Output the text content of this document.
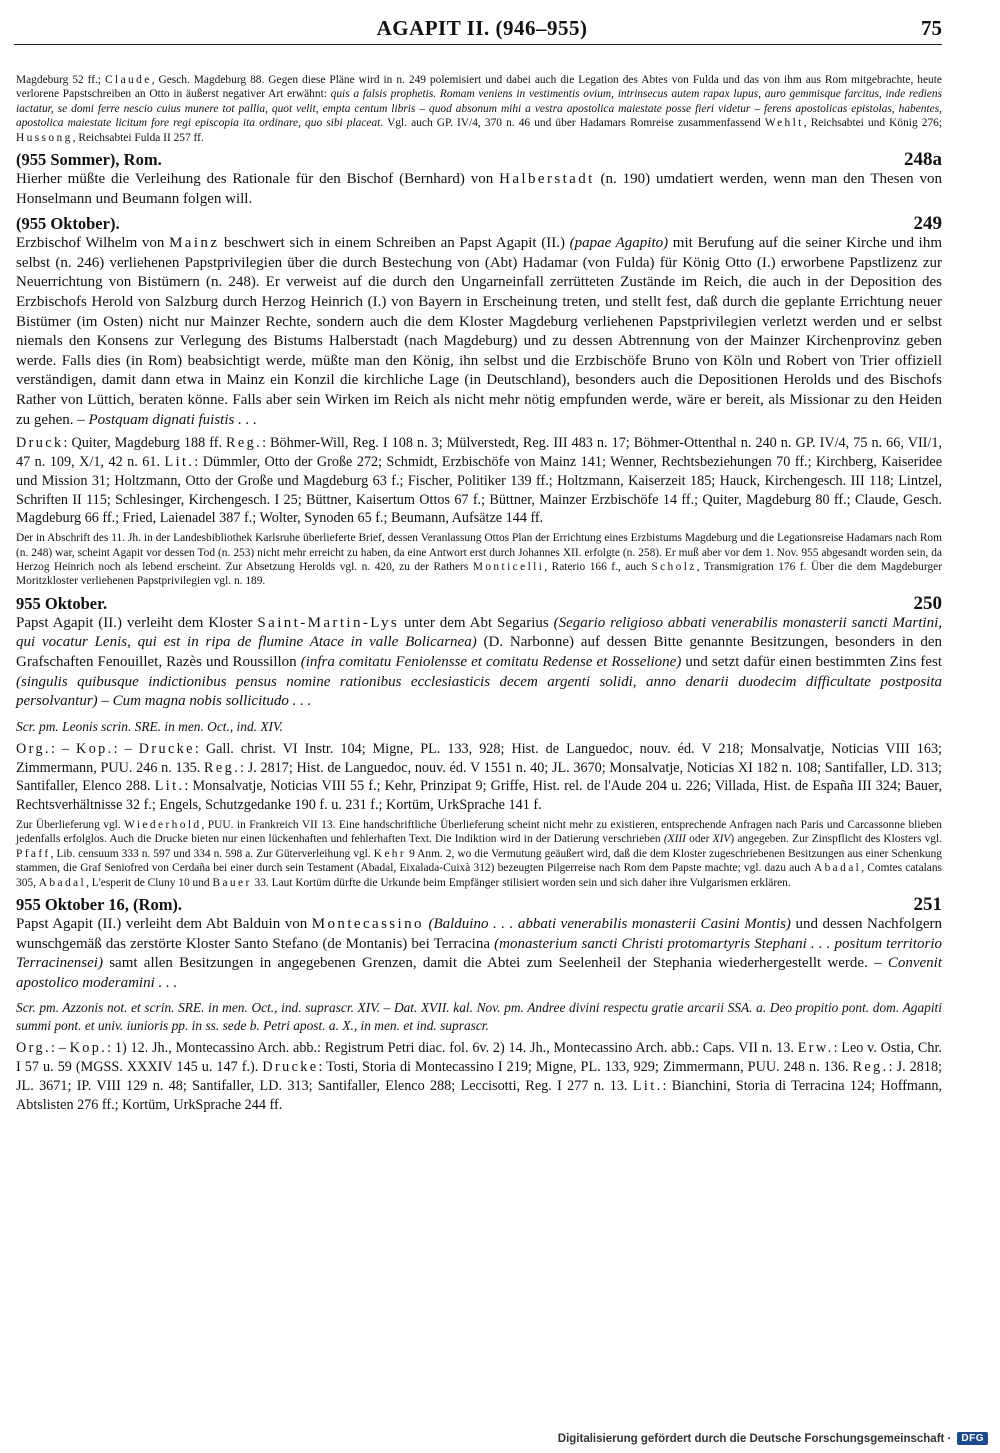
AGAPIT II. (946–955)	75

Magdeburg 52 ff.; Claude, Gesch. Magdeburg 88. Gegen diese Pläne wird in n. 249 polemisiert und dabei auch die Legation des Abtes von Fulda und das von ihm aus Rom mitgebrachte, heute verlorene Papstschreiben an Otto in äußerst negativer Art erwähnt: quis a falsis prophetis. Romam veniens in vestimentis ovium, intrinsecus autem rapax lupus, auro gemmisque farcitus, inde rediens iactatur, se domi ferre nescio cuius munere tot pallia, quot velit, empta centum libris – quod absonum mihi a vestra apostolica maiestate posse fieri videtur – ferens apostolicas epistolas, habentes, apostolica maiestate licitum fore regi episcopia ita ordinare, quo sibi placeat. Vgl. auch GP. IV/4, 370 n. 46 und über Hadamars Romreise zusammenfassend Wehlt, Reichsabtei und König 276; Hussong, Reichsabtei Fulda II 257 ff.

(955 Sommer), Rom.	248a

Hierher müßte die Verleihung des Rationale für den Bischof (Bernhard) von Halberstadt (n. 190) umdatiert werden, wenn man den Thesen von Honselmann und Beumann folgen will.

(955 Oktober).	249

Erzbischof Wilhelm von Mainz beschwert sich in einem Schreiben an Papst Agapit (II.) (papae Agapito) mit Berufung auf die seiner Kirche und ihm selbst (n. 246) verliehenen Papstprivilegien über die durch Bestechung von (Abt) Hadamar (von Fulda) für König Otto (I.) erworbene Papstlizenz zur Neuerrichtung von Bistümern (n. 248). Er verweist auf die durch den Ungarneinfall zerrütteten Zustände im Reich, die auch in der Deposition des Erzbischofs Herold von Salzburg durch Herzog Heinrich (I.) von Bayern in Erscheinung treten, und stellt fest, daß durch die geplante Errichtung neuer Bistümer (im Osten) nicht nur Mainzer Rechte, sondern auch die dem Kloster Magdeburg verliehenen Papstprivilegien verletzt werden und er selbst niemals den Konsens zur Verlegung des Bistums Halberstadt (nach Magdeburg) und zu dessen Abtrennung von der Mainzer Kirchenprovinz geben werde. Falls dies (in Rom) beabsichtigt werde, müßte man den König, ihn selbst und die Erzbischöfe Bruno von Köln und Robert von Trier offiziell verständigen, damit dann etwa in Mainz ein Konzil die kirchliche Lage (in Deutschland), besonders auch die Depositionen Herolds und des Bischofs Rather von Lüttich, beraten könne. Falls aber sein Wirken im Reich als nicht mehr nötig empfunden werde, wäre er bereit, als Missionar zu den Heiden zu gehen. – Postquam dignati fuistis . . .

Druck: Quiter, Magdeburg 188 ff. Reg.: Böhmer-Will, Reg. I 108 n. 3; Mülverstedt, Reg. III 483 n. 17; Böhmer-Ottenthal n. 240 n. GP. IV/4, 75 n. 66, VII/1, 47 n. 109, X/1, 42 n. 61. Lit.: Dümmler, Otto der Große 272; Schmidt, Erzbischöfe von Mainz 141; Wenner, Rechtsbeziehungen 70 ff.; Kirchberg, Kaiseridee und Mission 31; Holtzmann, Otto der Große und Magdeburg 63 f.; Fischer, Politiker 139 ff.; Holtzmann, Kaiserzeit 185; Hauck, Kirchengesch. III 118; Lintzel, Schriften II 115; Schlesinger, Kirchengesch. I 25; Büttner, Kaisertum Ottos 67 f.; Büttner, Mainzer Erzbischöfe 14 ff.; Quiter, Magdeburg 80 ff.; Claude, Gesch. Magdeburg 66 ff.; Fried, Laienadel 387 f.; Wolter, Synoden 65 f.; Beumann, Aufsätze 144 ff.

Der in Abschrift des 11. Jh. in der Landesbibliothek Karlsruhe überlieferte Brief, dessen Veranlassung Ottos Plan der Errichtung eines Erzbistums Magdeburg und die Legationsreise Hadamars nach Rom (n. 248) war, scheint Agapit vor dessen Tod (n. 253) nicht mehr erreicht zu haben, da eine Antwort erst durch Johannes XII. erfolgte (n. 258). Er muß aber vor dem 1. Nov. 955 abgesandt worden sein, da Herzog Heinrich noch als lebend erscheint. Zur Absetzung Herolds vgl. n. 420, zu der Rathers Monticelli, Raterio 166 f., auch Scholz, Transmigration 176 f. Über die dem Magdeburger Moritzkloster verliehenen Papstprivilegien vgl. n. 189.

955 Oktober.	250

Papst Agapit (II.) verleiht dem Kloster Saint-Martin-Lys unter dem Abt Segarius (Segario religioso abbati venerabilis monasterii sancti Martini, qui vocatur Lenis, qui est in ripa de flumine Atace in valle Bolicarnea) (D. Narbonne) auf dessen Bitte genannte Besitzungen, besonders in den Grafschaften Fenouillet, Razès und Roussillon (infra comitatu Feniolensse et comitatu Redense et Rosselione) und setzt dafür einen bestimmten Zins fest (singulis quibusque indictionibus pensus nomine rationibus ecclesiasticis decem argenti solidi, anno denarii duodecim difficultate postposita persolvantur) – Cum magna nobis sollicitudo . . .

Scr. pm. Leonis scrin. SRE. in men. Oct., ind. XIV.

Org.: – Kop.: – Drucke: Gall. christ. VI Instr. 104; Migne, PL. 133, 928; Hist. de Languedoc, nouv. éd. V 218; Monsalvatje, Noticias VIII 163; Zimmermann, PUU. 246 n. 135. Reg.: J. 2817; Hist. de Languedoc, nouv. éd. V 1551 n. 40; JL. 3670; Monsalvatje, Noticias XI 182 n. 108; Santifaller, LD. 313; Santifaller, Elenco 288. Lit.: Monsalvatje, Noticias VIII 55 f.; Kehr, Prinzipat 9; Griffe, Hist. rel. de l'Aude 204 u. 226; Villada, Hist. de España III 324; Bauer, Rechtsverhältnisse 32 f.; Engels, Schutzgedanke 190 f. u. 231 f.; Kortüm, UrkSprache 141 f.

Zur Überlieferung vgl. Wiederhold, PUU. in Frankreich VII 13. Eine handschriftliche Überlieferung scheint nicht mehr zu existieren, entsprechende Anfragen nach Paris und Carcassonne blieben jedenfalls erfolglos. Auch die Drucke bieten nur einen lückenhaften und fehlerhaften Text. Die Indiktion wird in der Datierung verschrieben (XIII oder XIV) angegeben. Zur Zinspflicht des Klosters vgl. Pfaff, Lib. censuum 333 n. 597 und 334 n. 598 a. Zur Güterverleihung vgl. Kehr 9 Anm. 2, wo die Vermutung geäußert wird, daß die dem Kloster zugeschriebenen Besitzungen aus einer Schenkung stammen, die Graf Seniofred von Cerdaña bei einer durch sein Testament (Abadal, Eixalada-Cuixà 312) bezeugten Pilgerreise nach Rom dem Papste machte; vgl. dazu auch Abadal, Comtes catalans 305, Abadal, L'esperit de Cluny 10 und Bauer 33. Laut Kortüm dürfte die Urkunde beim Empfänger stilisiert worden sein und sich daher ihre Vulgarismen erklären.

955 Oktober 16, (Rom).	251

Papst Agapit (II.) verleiht dem Abt Balduin von Montecassino (Balduino . . . abbati venerabilis monasterii Casini Montis) und dessen Nachfolgern wunschgemäß das zerstörte Kloster Santo Stefano (de Montanis) bei Terracina (monasterium sancti Christi protomartyris Stephani . . . positum territorio Terracinensei) samt allen Besitzungen in angegebenen Grenzen, damit die Abtei zum Seelenheil der Stephania wiederhergestellt werde. – Convenit apostolico moderamini . . .

Scr. pm. Azzonis not. et scrin. SRE. in men. Oct., ind. suprascr. XIV. – Dat. XVII. kal. Nov. pm. Andree divini respectu gratie arcarii SSA. a. Deo propitio pont. dom. Agapiti summi pont. et univ. iunioris pp. in ss. sede b. Petri apost. a. X., in men. et ind. suprascr.

Org.: – Kop.: 1) 12. Jh., Montecassino Arch. abb.: Registrum Petri diac. fol. 6v. 2) 14. Jh., Montecassino Arch. abb.: Caps. VII n. 13. Erw.: Leo v. Ostia, Chr. I 57 u. 59 (MGSS. XXXIV 145 u. 147 f.). Drucke: Tosti, Storia di Montecassino I 219; Migne, PL. 133, 929; Zimmermann, PUU. 248 n. 136. Reg.: J. 2818; JL. 3671; IP. VIII 129 n. 48; Santifaller, LD. 313; Santifaller, Elenco 288; Leccisotti, Reg. I 277 n. 13. Lit.: Bianchini, Storia di Terracina 124; Hoffmann, Abtslisten 276 ff.; Kortüm, UrkSprache 244 ff.

Digitalisierung gefördert durch die Deutsche Forschungsgemeinschaft ·	DFG
